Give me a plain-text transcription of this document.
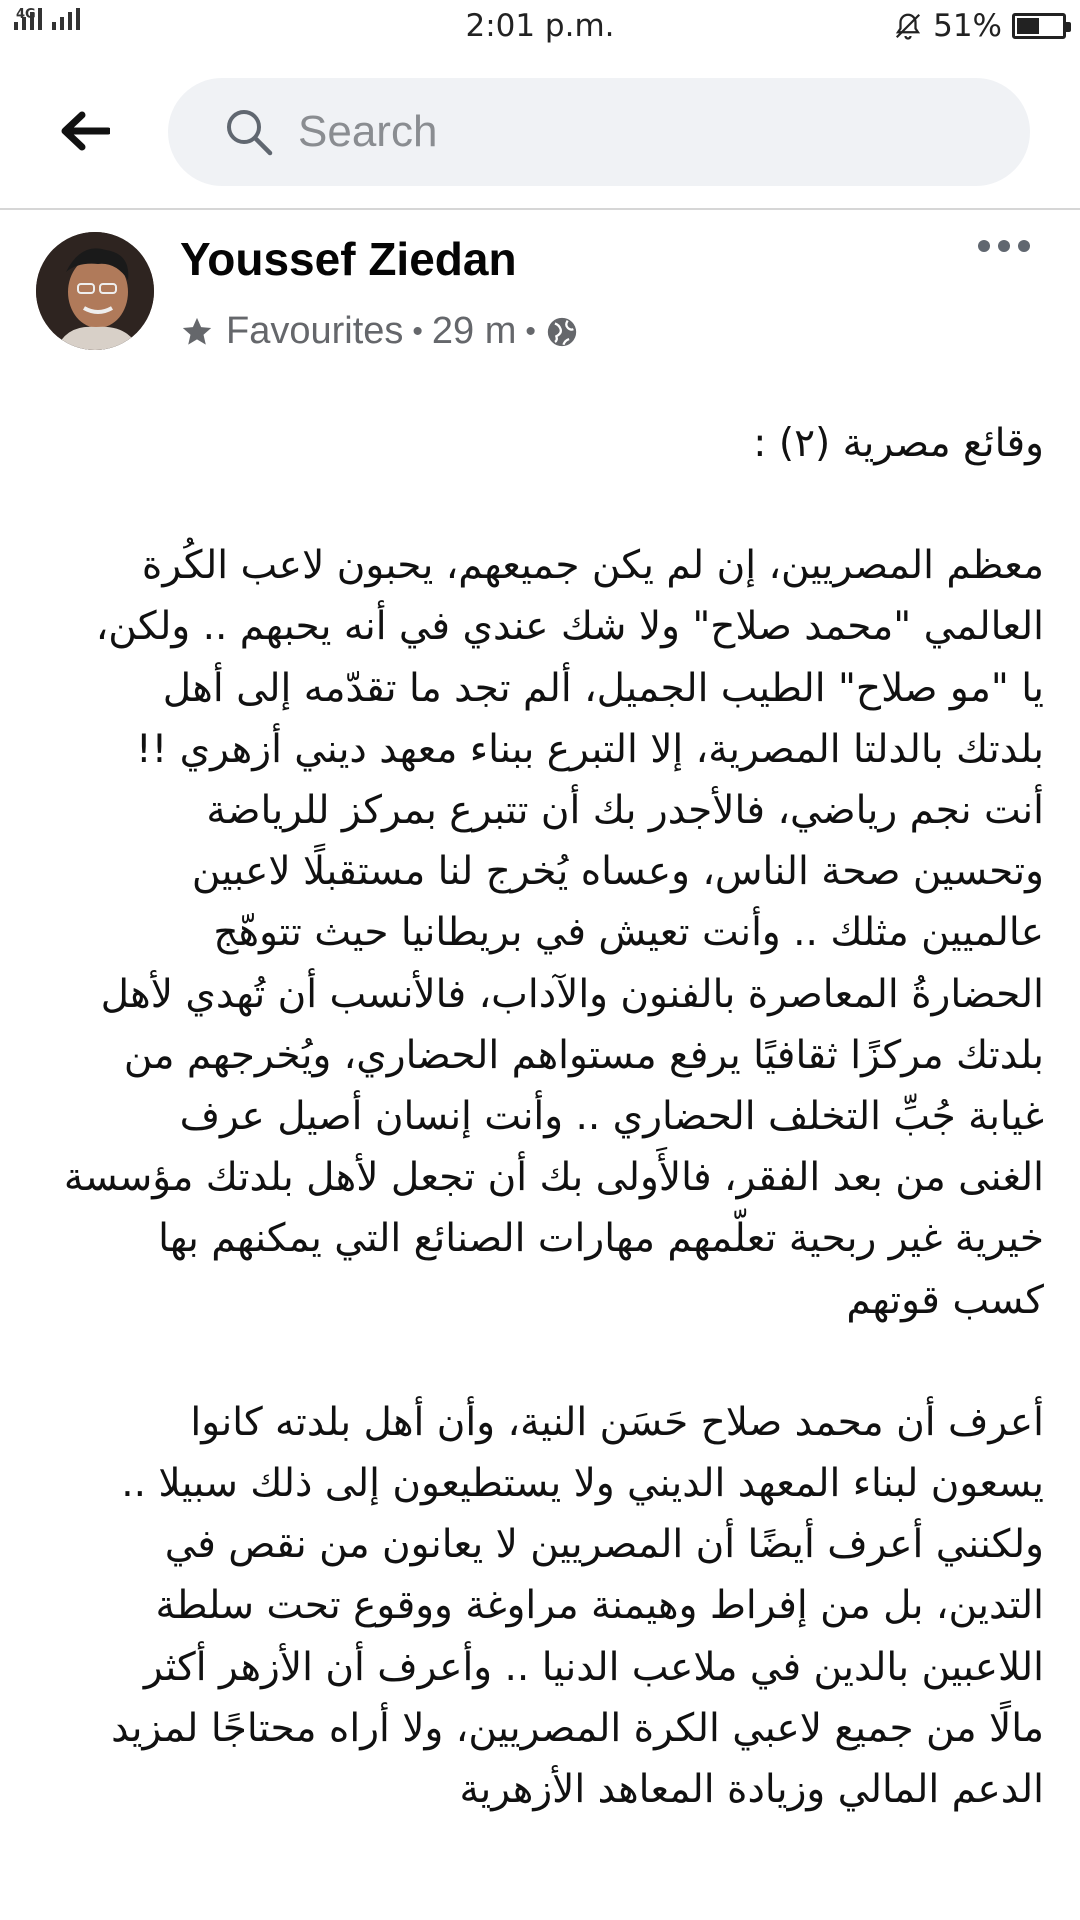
4G	2:01 p.m.	51%
Search
Youssef Ziedan
Favourites • 29 m •

وقائع مصرية (٢) :

معظم المصريين، إن لم يكن جميعهم، يحبون لاعب الكُرة

العالمي "محمد صلاح" ولا شك عندي في أنه يحبهم .. ولكن،

يا "مو صلاح" الطيب الجميل، ألم تجد ما تقدّمه إلى أهل

بلدتك بالدلتا المصرية، إلا التبرع ببناء معهد ديني أزهري !!

أنت نجم رياضي، فالأجدر بك أن تتبرع بمركز للرياضة

وتحسين صحة الناس، وعساه يُخرج لنا مستقبلًا لاعبين

عالميين مثلك .. وأنت تعيش في بريطانيا حيث تتوهّج

الحضارةُ المعاصرة بالفنون والآداب، فالأنسب أن تُهدي لأهل

بلدتك مركزًا ثقافيًا يرفع مستواهم الحضاري، ويُخرجهم من

غيابة جُبِّ التخلف الحضاري .. وأنت إنسان أصيل عرف

الغنى من بعد الفقر، فالأَولى بك أن تجعل لأهل بلدتك مؤسسة

خيرية غير ربحية تعلّمهم مهارات الصنائع التي يمكنهم بها

كسب قوتهم

أعرف أن محمد صلاح حَسَن النية، وأن أهل بلدته كانوا

يسعون لبناء المعهد الديني ولا يستطيعون إلى ذلك سبيلا ..

ولكنني أعرف أيضًا أن المصريين لا يعانون من نقص في

التدين، بل من إفراط وهيمنة مراوغة ووقوع تحت سلطة

اللاعبين بالدين في ملاعب الدنيا .. وأعرف أن الأزهر أكثر

مالًا من جميع لاعبي الكرة المصريين، ولا أراه محتاجًا لمزيد

الدعم المالي وزيادة المعاهد الأزهرية
